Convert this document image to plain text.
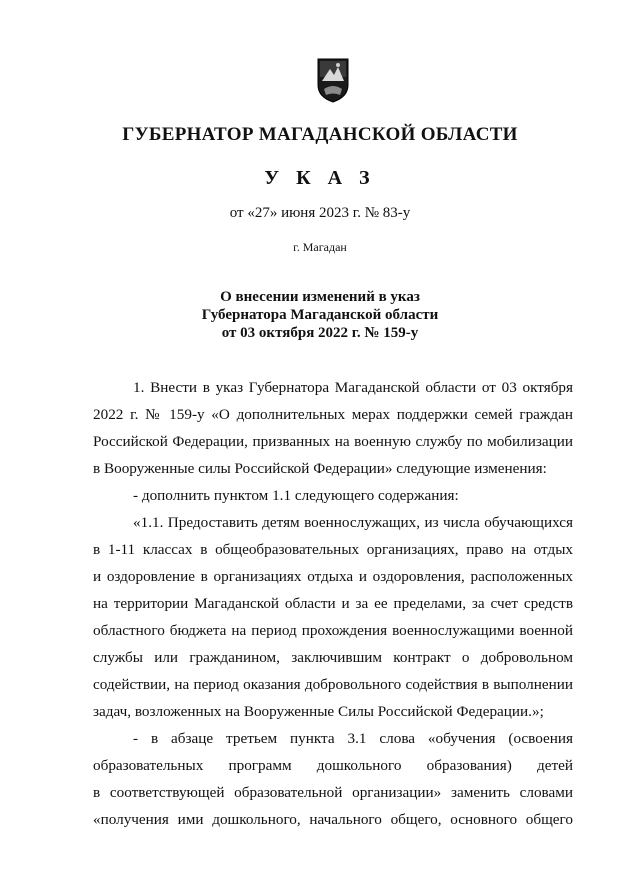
ГУБЕРНАТОР МАГАДАНСКОЙ ОБЛАСТИ
У К А З
от «27» июня 2023 г. № 83-у
г. Магадан
О внесении изменений в указ
Губернатора Магаданской области
от 03 октября 2022 г. № 159-у
1. Внести в указ Губернатора Магаданской области от 03 октября
2022 г. № 159-у «О дополнительных мерах поддержки семей граждан
Российской Федерации, призванных на военную службу по мобилизации
в Вооруженные силы Российской Федерации» следующие изменения:
- дополнить пунктом 1.1 следующего содержания:
«1.1. Предоставить детям военнослужащих, из числа обучающихся
в 1-11 классах в общеобразовательных организациях, право на отдых
и оздоровление в организациях отдыха и оздоровления, расположенных
на территории Магаданской области и за ее пределами, за счет средств
областного бюджета на период прохождения военнослужащими военной
службы или гражданином, заключившим контракт о добровольном
содействии, на период оказания добровольного содействия в выполнении
задач, возложенных на Вооруженные Силы Российской Федерации.»;
- в абзаце третьем пункта 3.1 слова «обучения (освоения
образовательных программ дошкольного образования) детей
в соответствующей образовательной организации» заменить словами
«получения ими дошкольного, начального общего, основного общего
